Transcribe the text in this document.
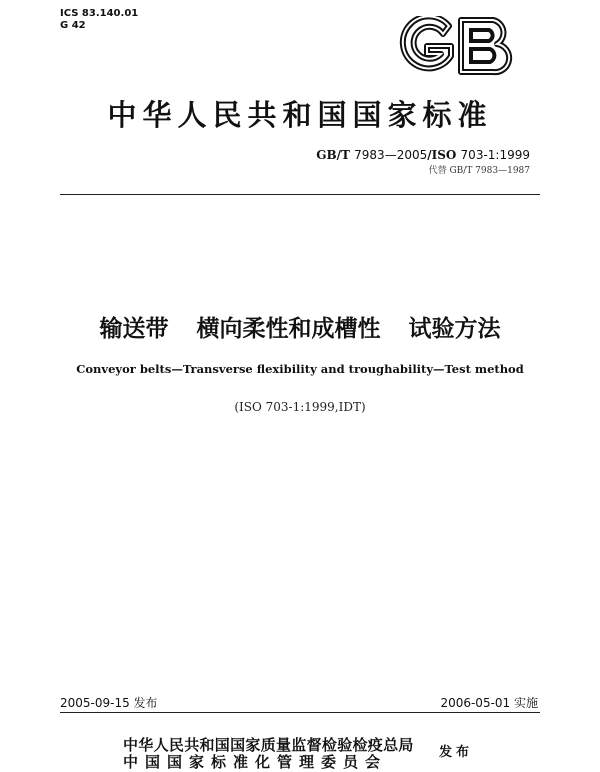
ICS 83.140.01
G 42
中华人民共和国国家标准
GB/T 7983—2005/ISO 703-1:1999
代替 GB/T 7983—1987
输送带 横向柔性和成槽性 试验方法
Conveyor belts—Transverse flexibility and troughability—Test method
(ISO 703-1:1999,IDT)
2005-09-15 发布	2006-05-01 实施
中华人民共和国国家质量监督检验检疫总局
中国国家标准化管理委员会
发布
